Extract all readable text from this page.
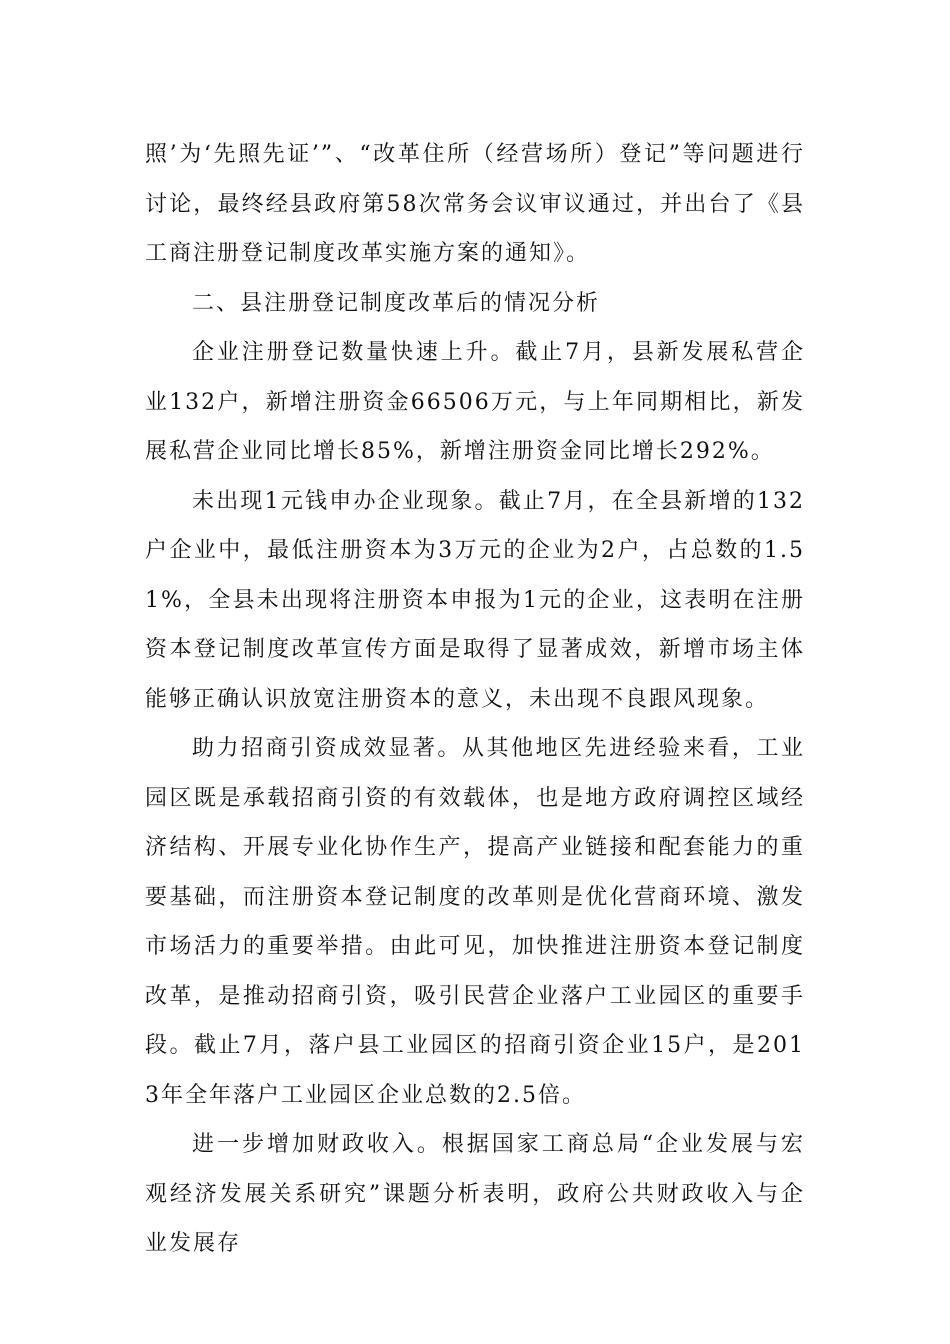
照’为‘先照先证’”、“改革住所（经营场所）登记”等问题进行讨论，最终经县政府第58次常务会议审议通过，并出台了《县工商注册登记制度改革实施方案的通知》。

二、县注册登记制度改革后的情况分析

企业注册登记数量快速上升。截止7月，县新发展私营企业132户，新增注册资金66506万元，与上年同期相比，新发展私营企业同比增长85%，新增注册资金同比增长292%。

未出现1元钱申办企业现象。截止7月，在全县新增的132户企业中，最低注册资本为3万元的企业为2户，占总数的1.51%，全县未出现将注册资本申报为1元的企业，这表明在注册资本登记制度改革宣传方面是取得了显著成效，新增市场主体能够正确认识放宽注册资本的意义，未出现不良跟风现象。

助力招商引资成效显著。从其他地区先进经验来看，工业园区既是承载招商引资的有效载体，也是地方政府调控区域经济结构、开展专业化协作生产，提高产业链接和配套能力的重要基础，而注册资本登记制度的改革则是优化营商环境、激发市场活力的重要举措。由此可见，加快推进注册资本登记制度改革，是推动招商引资，吸引民营企业落户工业园区的重要手段。截止7月，落户县工业园区的招商引资企业15户，是2013年全年落户工业园区企业总数的2.5倍。

进一步增加财政收入。根据国家工商总局“企业发展与宏观经济发展关系研究”课题分析表明，政府公共财政收入与企业发展存
